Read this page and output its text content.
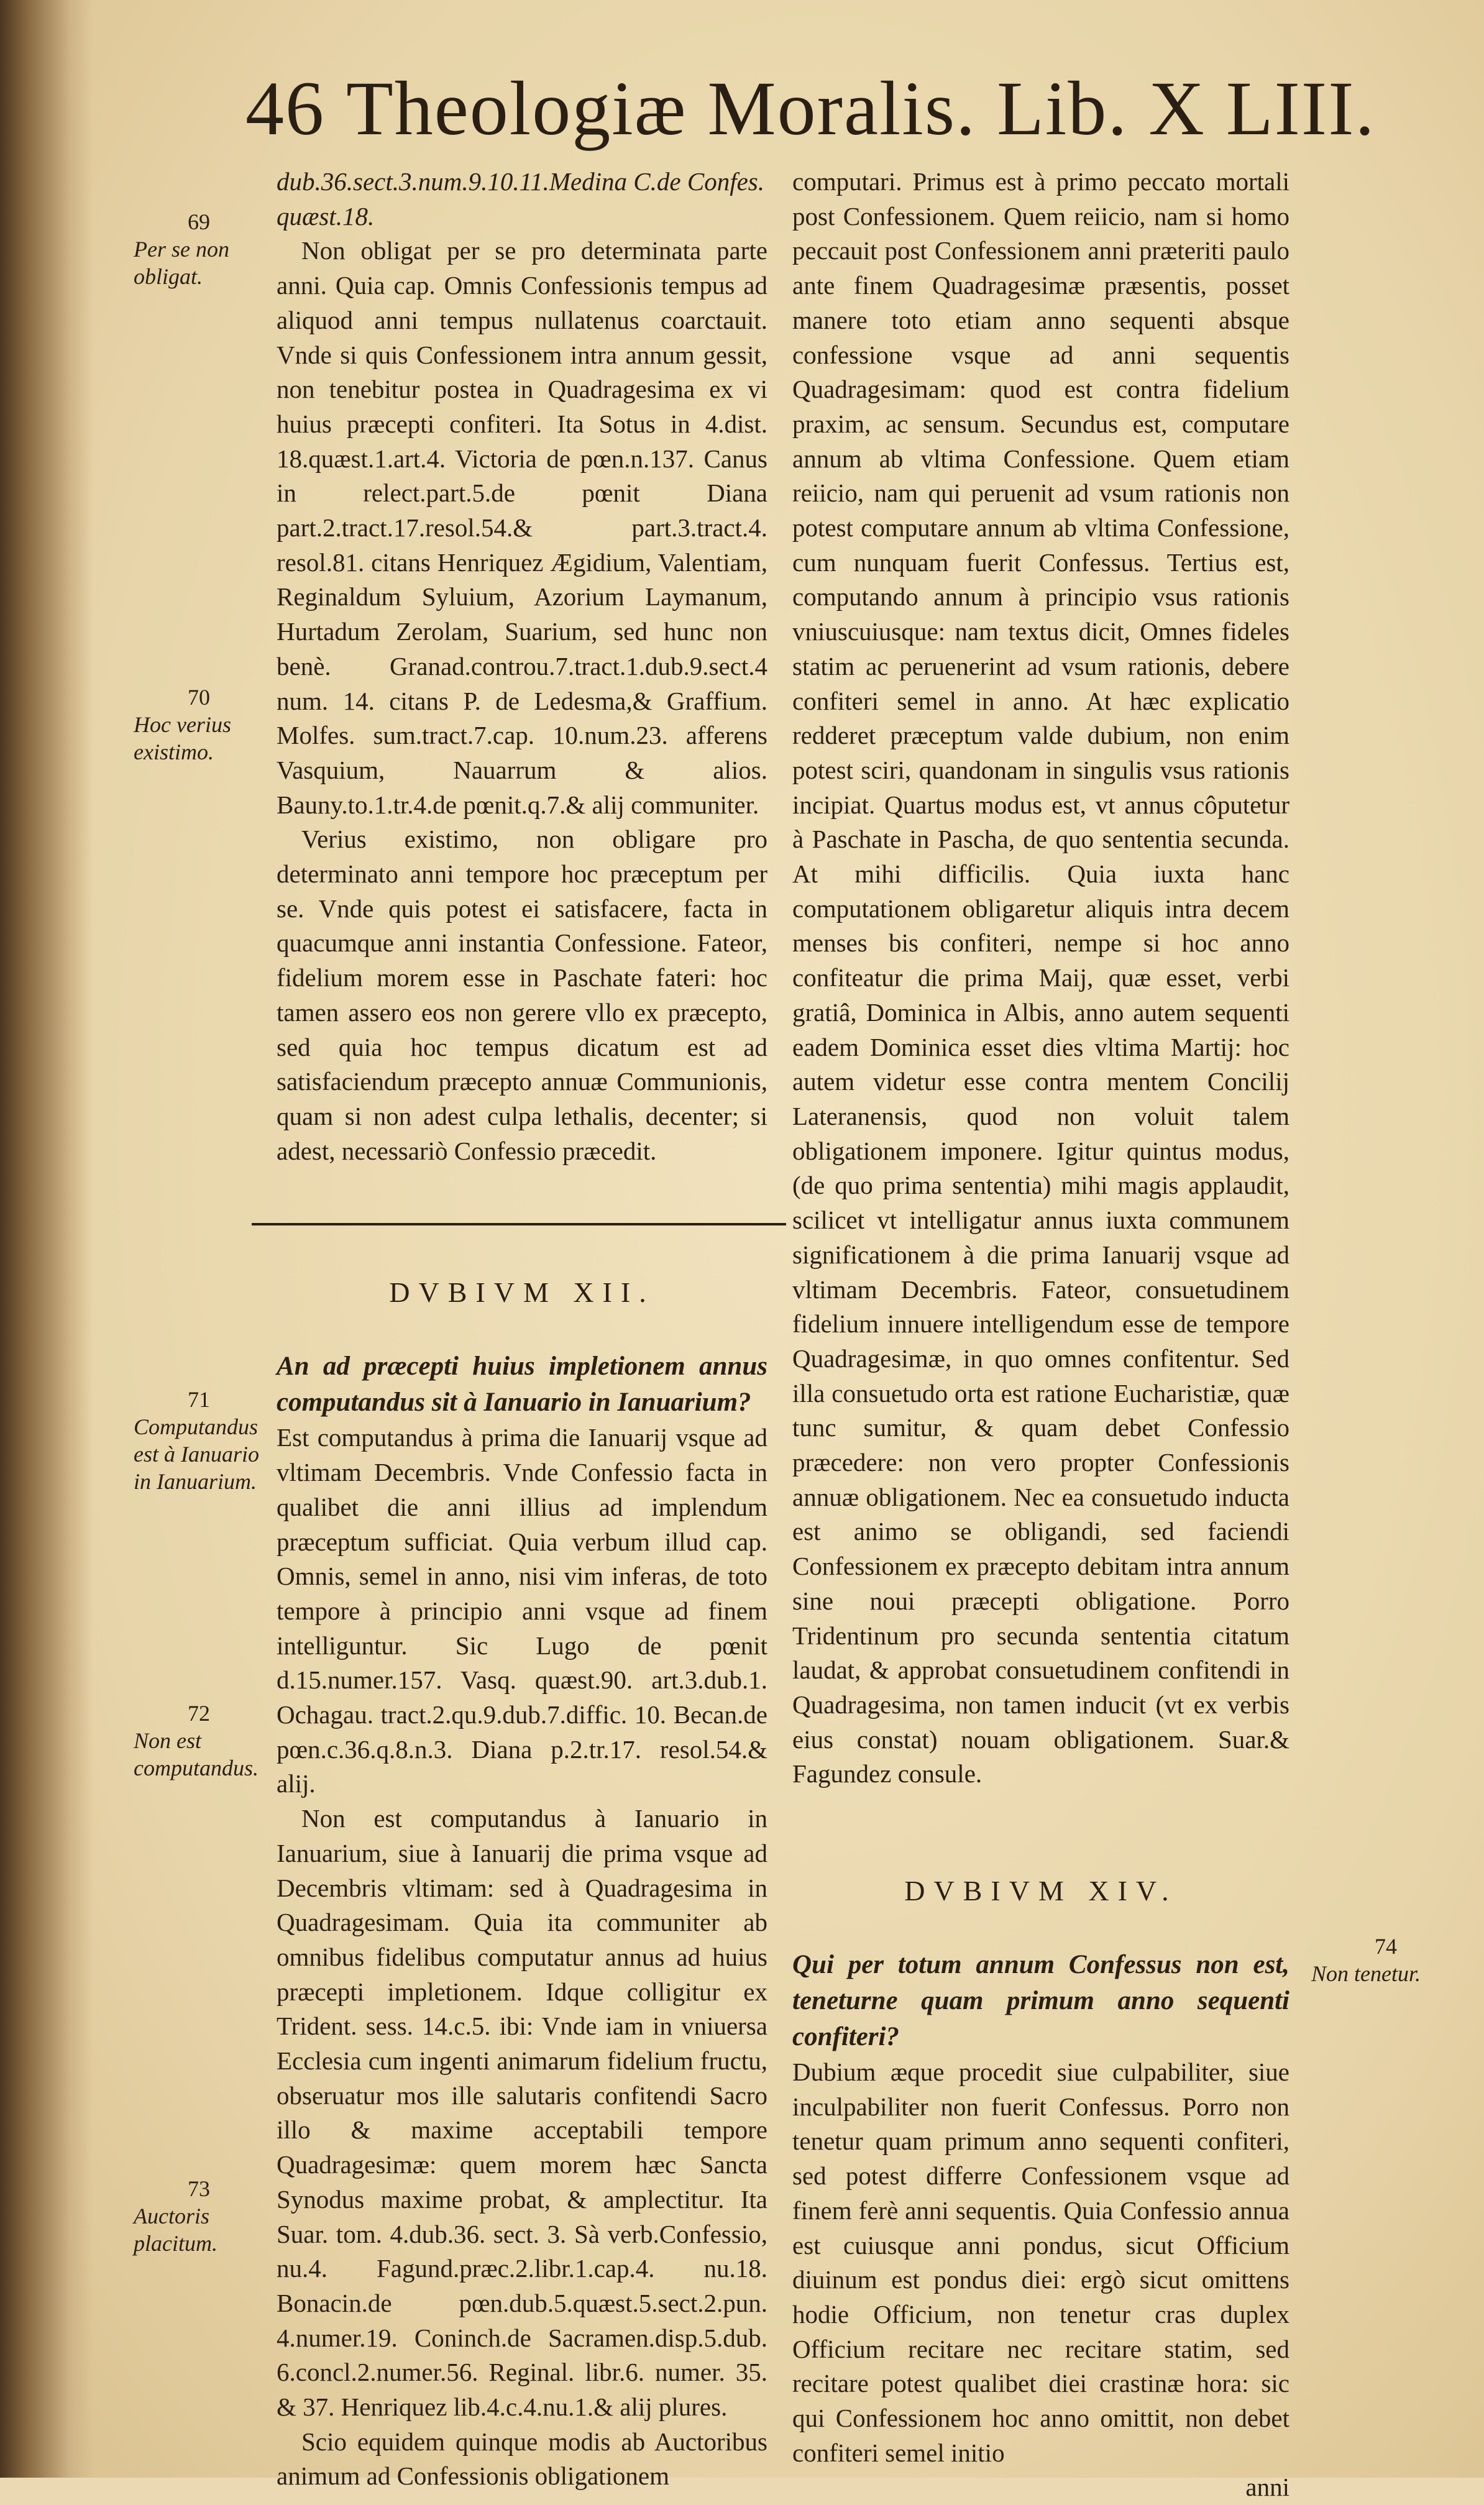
46 Theologiæ Moralis. Lib. X LIII.

dub.36.sect.3.num.9.10.11.Medina C.de Confes.

quæst.18.

Non obligat per se pro determinata parte anni. Quia cap. Omnis Confessionis tempus ad aliquod anni tempus nullatenus coarctauit. Vnde si quis Confessionem intra annum gessit, non tenebitur postea in Quadragesima ex vi huius præcepti confiteri. Ita Sotus in 4.dist. 18.quæst.1.art.4. Victoria de pœn.n.137. Canus in relect.part.5.de pœnit Diana part.2.tract.17.resol.54.& part.3.tract.4. resol.81. citans Henriquez Ægidium, Valentiam, Reginaldum Syluium, Azorium Laymanum, Hurtadum Zerolam, Suarium, sed hunc non benè. Granad.controu.7.tract.1.dub.9.sect.4 num. 14. citans P. de Ledesma,& Graffium. Molfes. sum.tract.7.cap. 10.num.23. afferens Vasquium, Nauarrum & alios. Bauny.to.1.tr.4.de pœnit.q.7.& alij communiter.

Verius existimo, non obligare pro determinato anni tempore hoc præceptum per se. Vnde quis potest ei satisfacere, facta in quacumque anni instantia Confessione. Fateor, fidelium morem esse in Paschate fateri: hoc tamen assero eos non gerere vllo ex præcepto, sed quia hoc tempus dicatum est ad satisfaciendum præcepto annuæ Communionis, quam si non adest culpa lethalis, decenter; si adest, necessariò Confessio præcedit.

DVBIVM XII.

An ad præcepti huius impletionem annus computandus sit à Ianuario in Ianuarium?

Est computandus à prima die Ianuarij vsque ad vltimam Decembris. Vnde Confessio facta in qualibet die anni illius ad implendum præceptum sufficiat. Quia verbum illud cap. Omnis, semel in anno, nisi vim inferas, de toto tempore à principio anni vsque ad finem intelliguntur. Sic Lugo de pœnit d.15.numer.157. Vasq. quæst.90. art.3.dub.1. Ochagau. tract.2.qu.9.dub.7.diffic. 10. Becan.de pœn.c.36.q.8.n.3. Diana p.2.tr.17. resol.54.& alij.

Non est computandus à Ianuario in Ianuarium, siue à Ianuarij die prima vsque ad Decembris vltimam: sed à Quadragesima in Quadragesimam. Quia ita communiter ab omnibus fidelibus computatur annus ad huius præcepti impletionem. Idque colligitur ex Trident. sess. 14.c.5. ibi: Vnde iam in vniuersa Ecclesia cum ingenti animarum fidelium fructu, obseruatur mos ille salutaris confitendi Sacro illo & maxime acceptabili tempore Quadragesimæ: quem morem hæc Sancta Synodus maxime probat, & amplectitur. Ita Suar. tom. 4.dub.36. sect. 3. Sà verb.Confessio, nu.4. Fagund.præc.2.libr.1.cap.4. nu.18. Bonacin.de pœn.dub.5.quæst.5.sect.2.pun. 4.numer.19. Coninch.de Sacramen.disp.5.dub. 6.concl.2.numer.56. Reginal. libr.6. numer. 35. & 37. Henriquez lib.4.c.4.nu.1.& alij plures.

Scio equidem quinque modis ab Auctoribus animum ad Confessionis obligationem

computari. Primus est à primo peccato mortali post Confessionem. Quem reiicio, nam si homo peccauit post Confessionem anni præteriti paulo ante finem Quadragesimæ præsentis, posset manere toto etiam anno sequenti absque confessione vsque ad anni sequentis Quadragesimam: quod est contra fidelium praxim, ac sensum. Secundus est, computare annum ab vltima Confessione. Quem etiam reiicio, nam qui peruenit ad vsum rationis non potest computare annum ab vltima Confessione, cum nunquam fuerit Confessus. Tertius est, computando annum à principio vsus rationis vniuscuiusque: nam textus dicit, Omnes fideles statim ac peruenerint ad vsum rationis, debere confiteri semel in anno. At hæc explicatio redderet præceptum valde dubium, non enim potest sciri, quandonam in singulis vsus rationis incipiat. Quartus modus est, vt annus côputetur à Paschate in Pascha, de quo sententia secunda. At mihi difficilis. Quia iuxta hanc computationem obligaretur aliquis intra decem menses bis confiteri, nempe si hoc anno confiteatur die prima Maij, quæ esset, verbi gratiâ, Dominica in Albis, anno autem sequenti eadem Dominica esset dies vltima Martij: hoc autem videtur esse contra mentem Concilij Lateranensis, quod non voluit talem obligationem imponere. Igitur quintus modus, (de quo prima sententia) mihi magis applaudit, scilicet vt intelligatur annus iuxta communem significationem à die prima Ianuarij vsque ad vltimam Decembris. Fateor, consuetudinem fidelium innuere intelligendum esse de tempore Quadragesimæ, in quo omnes confitentur. Sed illa consuetudo orta est ratione Eucharistiæ, quæ tunc sumitur, & quam debet Confessio præcedere: non vero propter Confessionis annuæ obligationem. Nec ea consuetudo inducta est animo se obligandi, sed faciendi Confessionem ex præcepto debitam intra annum sine noui præcepti obligatione. Porro Tridentinum pro secunda sententia citatum laudat, & approbat consuetudinem confitendi in Quadragesima, non tamen inducit (vt ex verbis eius constat) nouam obligationem. Suar.& Fagundez consule.

DVBIVM XIV.

Qui per totum annum Confessus non est, teneturne quam primum anno sequenti confiteri?

Dubium æque procedit siue culpabiliter, siue inculpabiliter non fuerit Confessus. Porro non tenetur quam primum anno sequenti confiteri, sed potest differre Confessionem vsque ad finem ferè anni sequentis. Quia Confessio annua est cuiusque anni pondus, sicut Officium diuinum est pondus diei: ergò sicut omittens hodie Officium, non tenetur cras duplex Officium recitare nec recitare statim, sed recitare potest qualibet diei crastinæ hora: sic qui Confessionem hoc anno omittit, non debet confiteri semel initio

anni

69
Per se non obligat.
70
Hoc verius existimo.
71
Computandus est à Ianuario in Ianuarium.
72
Non est computandus.
73
Auctoris placitum.
74
Non tenetur.
